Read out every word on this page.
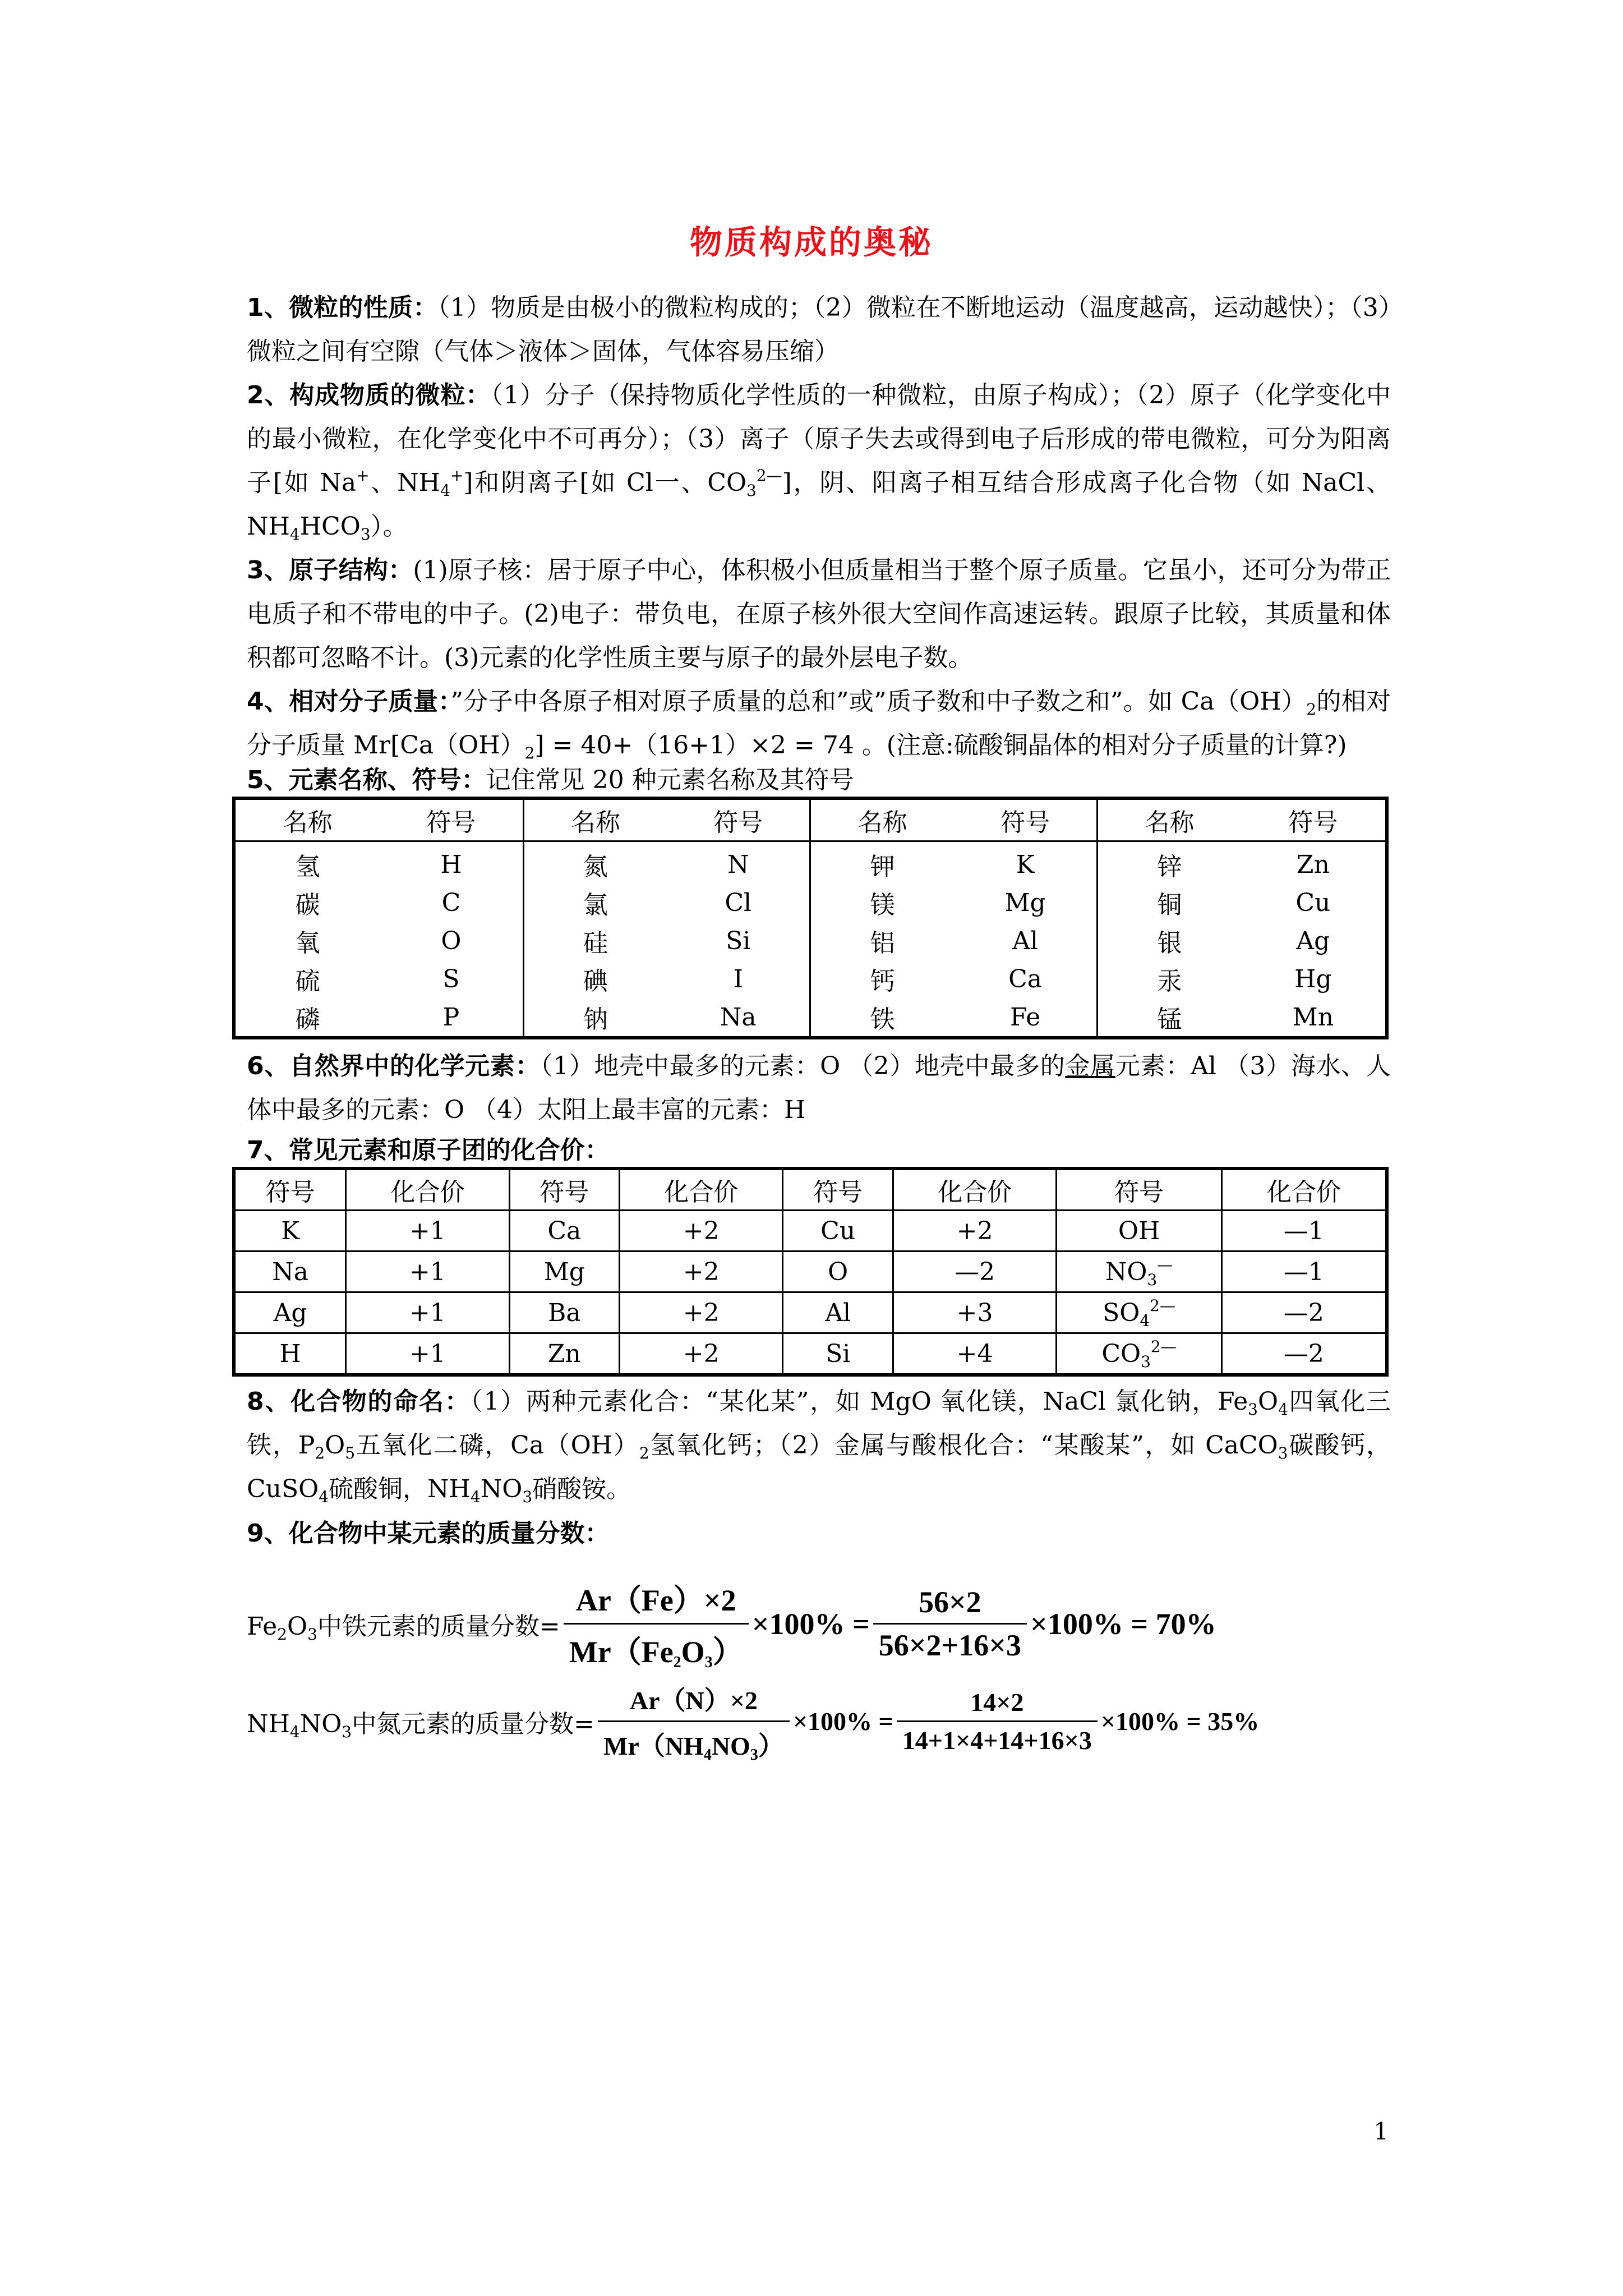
物质构成的奥秘
1、微粒的性质：（1）物质是由极小的微粒构成的；（2）微粒在不断地运动（温度越高，运动越快）；（3）微粒之间有空隙（气体＞液体＞固体，气体容易压缩）
2、构成物质的微粒：（1）分子（保持物质化学性质的一种微粒，由原子构成）；（2）原子（化学变化中的最小微粒，在化学变化中不可再分）；（3）离子（原子失去或得到电子后形成的带电微粒，可分为阳离子[如 Na+、$NH_4^+$]和阴离子[如 Cl一、$CO_3^{2—}$]，阴、阳离子相互结合形成离子化合物（如 NaCl、$NH_4HCO_3$）。
3、原子结构：(1)原子核：居于原子中心，体积极小但质量相当于整个原子质量。它虽小，还可分为带正电质子和不带电的中子。(2)电子：带负电，在原子核外很大空间作高速运转。跟原子比较，其质量和体积都可忽略不计。(3)元素的化学性质主要与原子的最外层电子数。
4、相对分子质量：”分子中各原子相对原子质量的总和”或”质子数和中子数之和”。如 $Ca(OH)_2$的相对分子质量 $Mr[Ca(OH)_2] = 40+(16+1)\times 2 = 74$ 。(注意:硫酸铜晶体的相对分子质量的计算?)
5、元素名称、符号：记住常见 20 种元素名称及其符号
名称	符号	名称	符号	名称	符号	名称	符号
氢	H	氮	N	钾	K	锌	Zn
碳	C	氯	Cl	镁	Mg	铜	Cu
氧	O	硅	Si	铝	Al	银	Ag
硫	S	碘	I	钙	Ca	汞	Hg
磷	P	钠	Na	铁	Fe	锰	Mn
6、自然界中的化学元素：（1）地壳中最多的元素：O （2）地壳中最多的金属元素：Al （3）海水、人体中最多的元素：O （4）太阳上最丰富的元素：H
7、常见元素和原子团的化合价：
符号	化合价	符号	化合价	符号	化合价	符号	化合价
K	+1	Ca	+2	Cu	+2	OH	—1
Na	+1	Mg	+2	O	—2	$NO_3^—$	—1
Ag	+1	Ba	+2	Al	+3	$SO_4^{2—}$	—2
H	+1	Zn	+2	Si	+4	$CO_3^{2—}$	—2
8、化合物的命名：（1）两种元素化合：“某化某”，如 MgO 氧化镁，NaCl 氯化钠，$Fe_3O_4$四氧化三铁，$P_2O_5$五氧化二磷，$Ca(OH)_2$氢氧化钙；（2）金属与酸根化合：“某酸某”，如 CaCO$_3$碳酸钙，CuSO$_4$硫酸铜，$NH_4NO_3$硝酸铵。
9、化合物中某元素的质量分数：
$Fe_2O_3$中铁元素的质量分数= $\frac{Ar(Fe)\times 2}{Mr(Fe_2O_3)} \times 100\% = \frac{56\times 2}{56\times 2+16\times 3} \times 100\% = 70\%$
$NH_4NO_3$中氮元素的质量分数= $\frac{Ar(N)\times 2}{Mr(NH_4NO_3)} \times 100\% = \frac{14\times 2}{14+1\times 4+14+16\times 3} \times 100\% = 35\%$
1
